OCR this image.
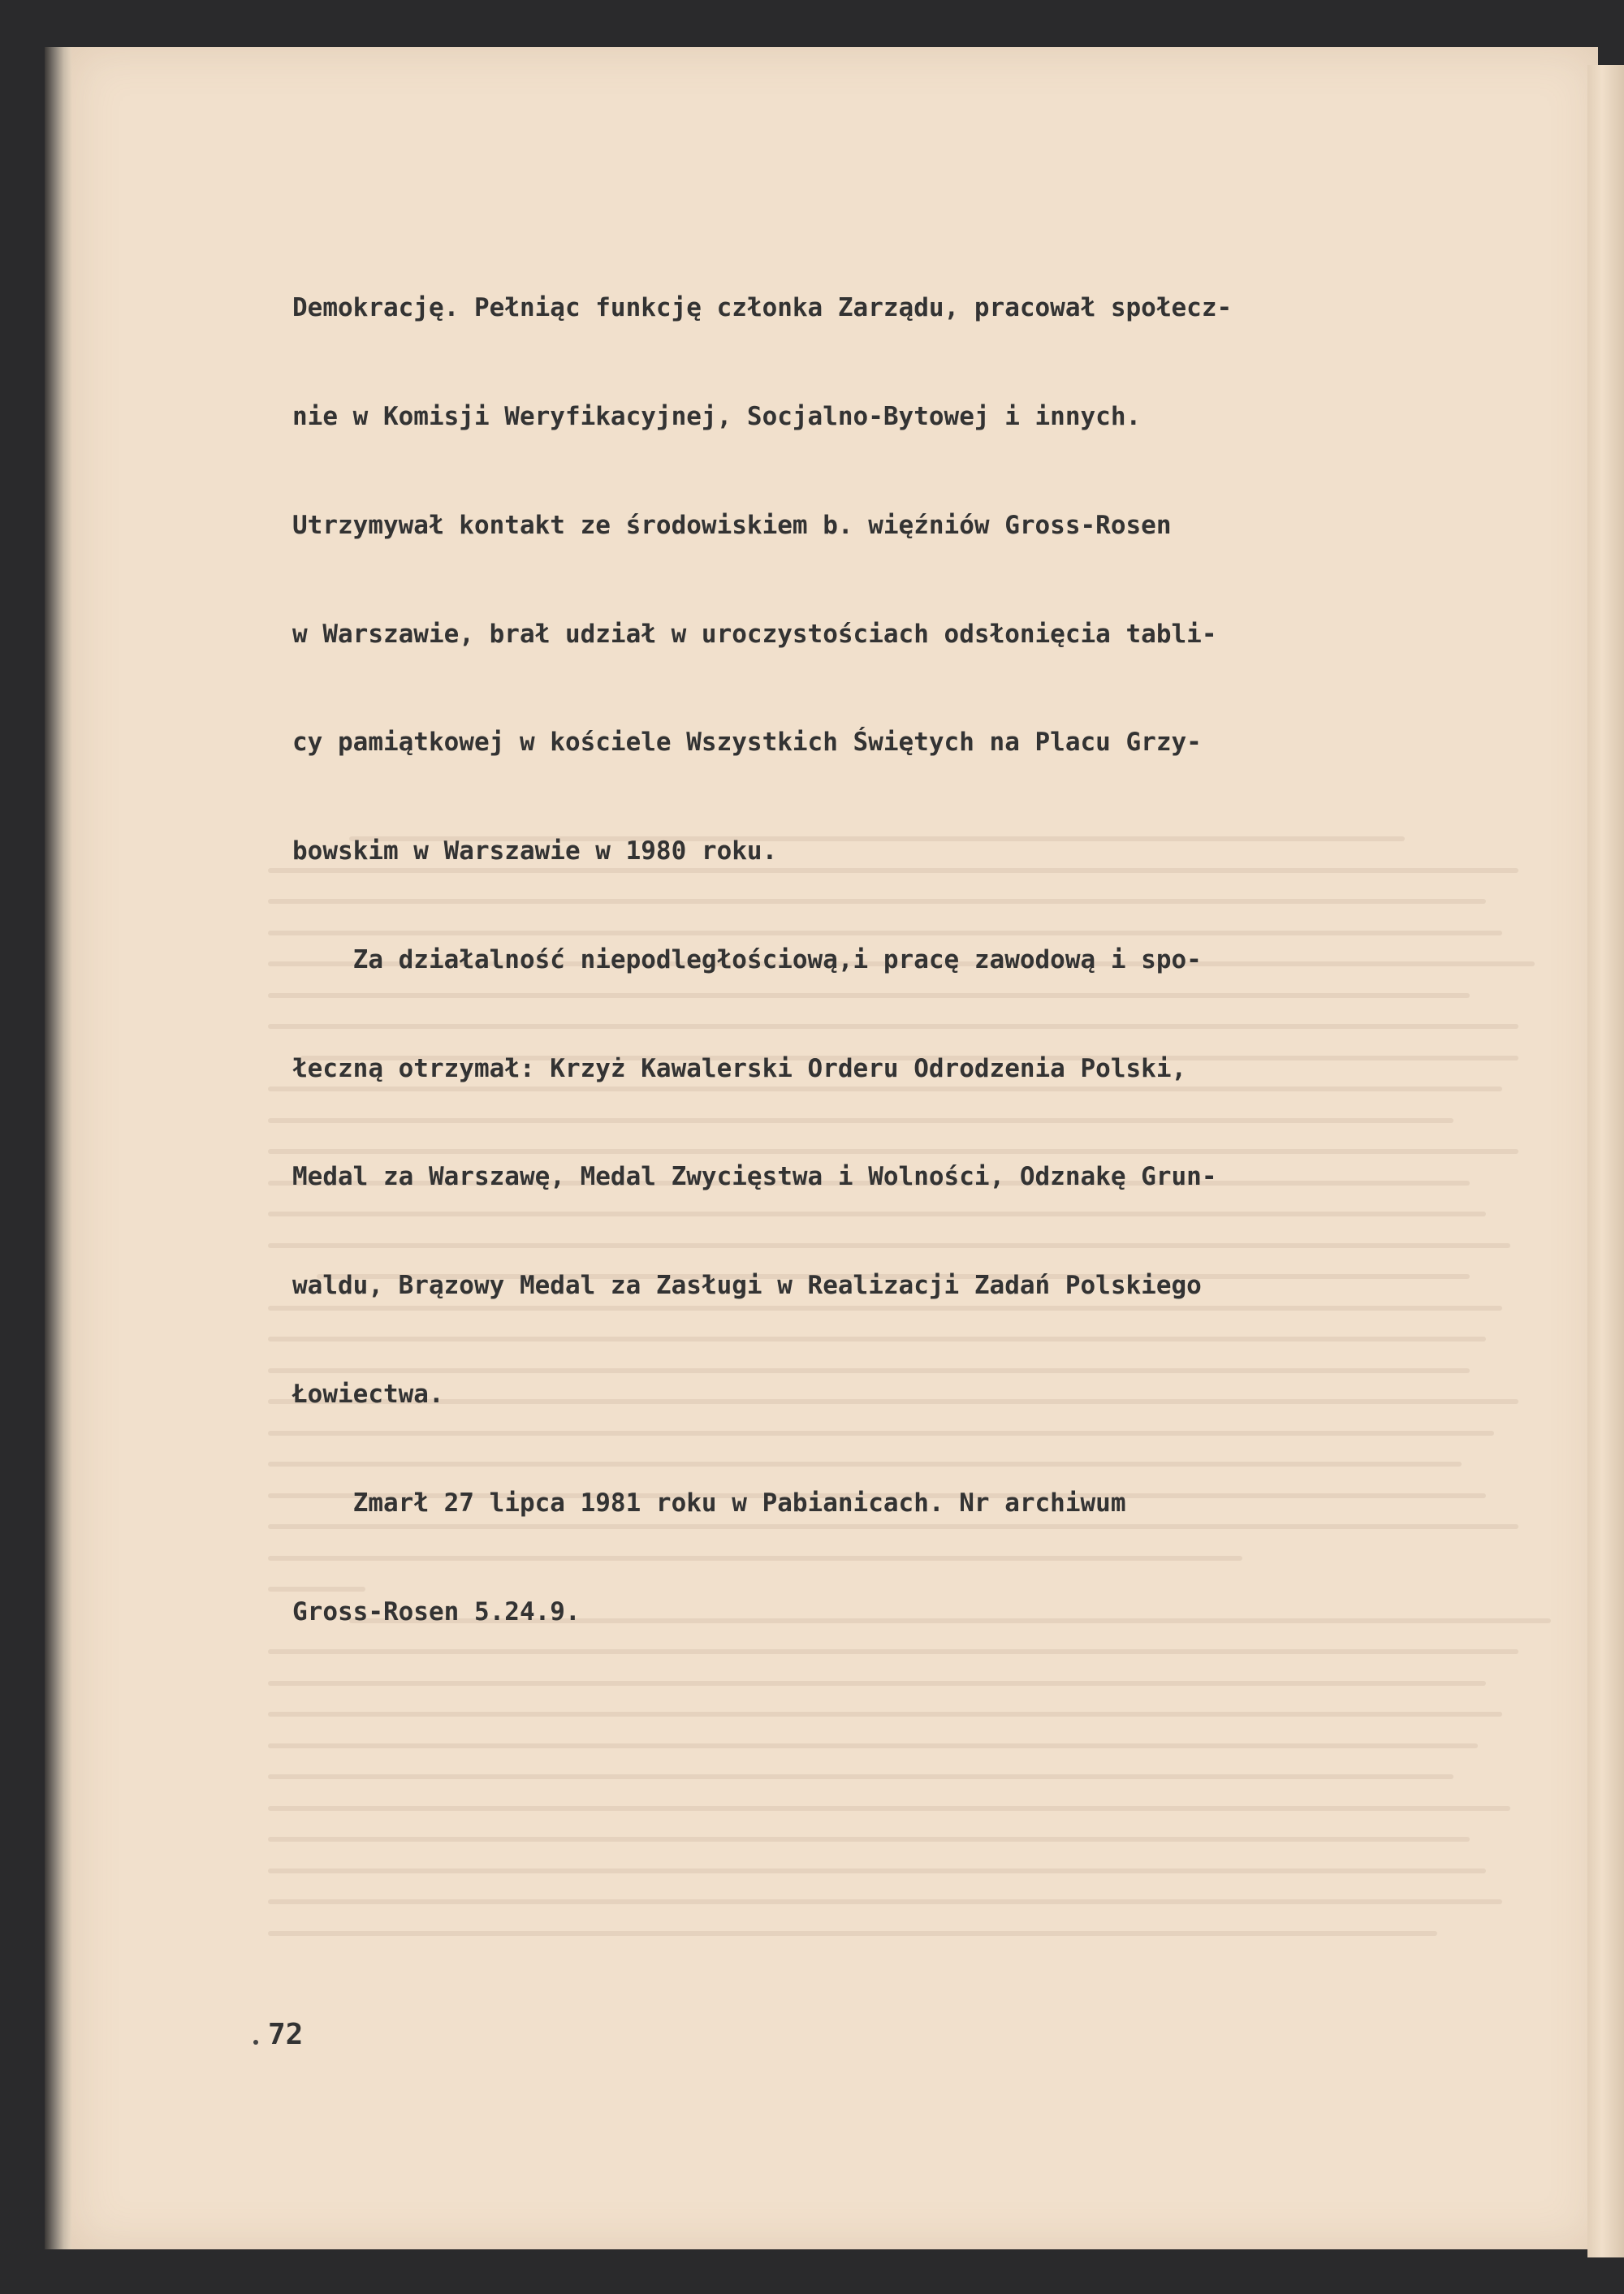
Demokrację. Pełniąc funkcję członka Zarządu, pracował społecz-

nie w Komisji Weryfikacyjnej, Socjalno-Bytowej i innych.

Utrzymywał kontakt ze środowiskiem b. więźniów Gross-Rosen

w Warszawie, brał udział w uroczystościach odsłonięcia tabli-

cy pamiątkowej w kościele Wszystkich Świętych na Placu Grzy-

bowskim w Warszawie w 1980 roku.

Za działalność niepodległościową,i pracę zawodową i spo-

łeczną otrzymał: Krzyż Kawalerski Orderu Odrodzenia Polski,

Medal za Warszawę, Medal Zwycięstwa i Wolności, Odznakę Grun-

waldu, Brązowy Medal za Zasługi w Realizacji Zadań Polskiego

Łowiectwa.

Zmarł 27 lipca 1981 roku w Pabianicach. Nr archiwum

Gross-Rosen 5.24.9.

72
